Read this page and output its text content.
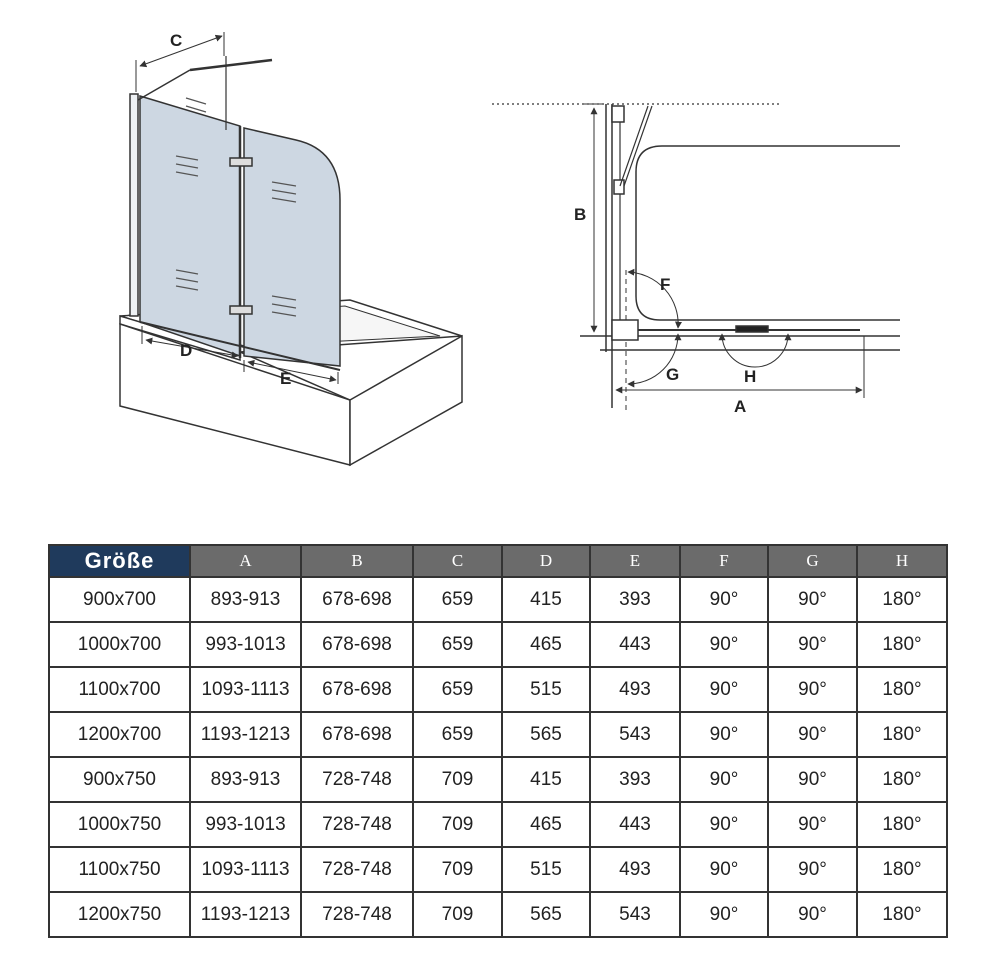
C
D
E
B
F
G	H
A
Größe	A	B	C	D	E	F	G	H
900x700	893-913	678-698	659	415	393	90°	90°	180°
1000x700	993-1013	678-698	659	465	443	90°	90°	180°
1100x700	1093-1113	678-698	659	515	493	90°	90°	180°
1200x700	1193-1213	678-698	659	565	543	90°	90°	180°
900x750	893-913	728-748	709	415	393	90°	90°	180°
1000x750	993-1013	728-748	709	465	443	90°	90°	180°
1100x750	1093-1113	728-748	709	515	493	90°	90°	180°
1200x750	1193-1213	728-748	709	565	543	90°	90°	180°
